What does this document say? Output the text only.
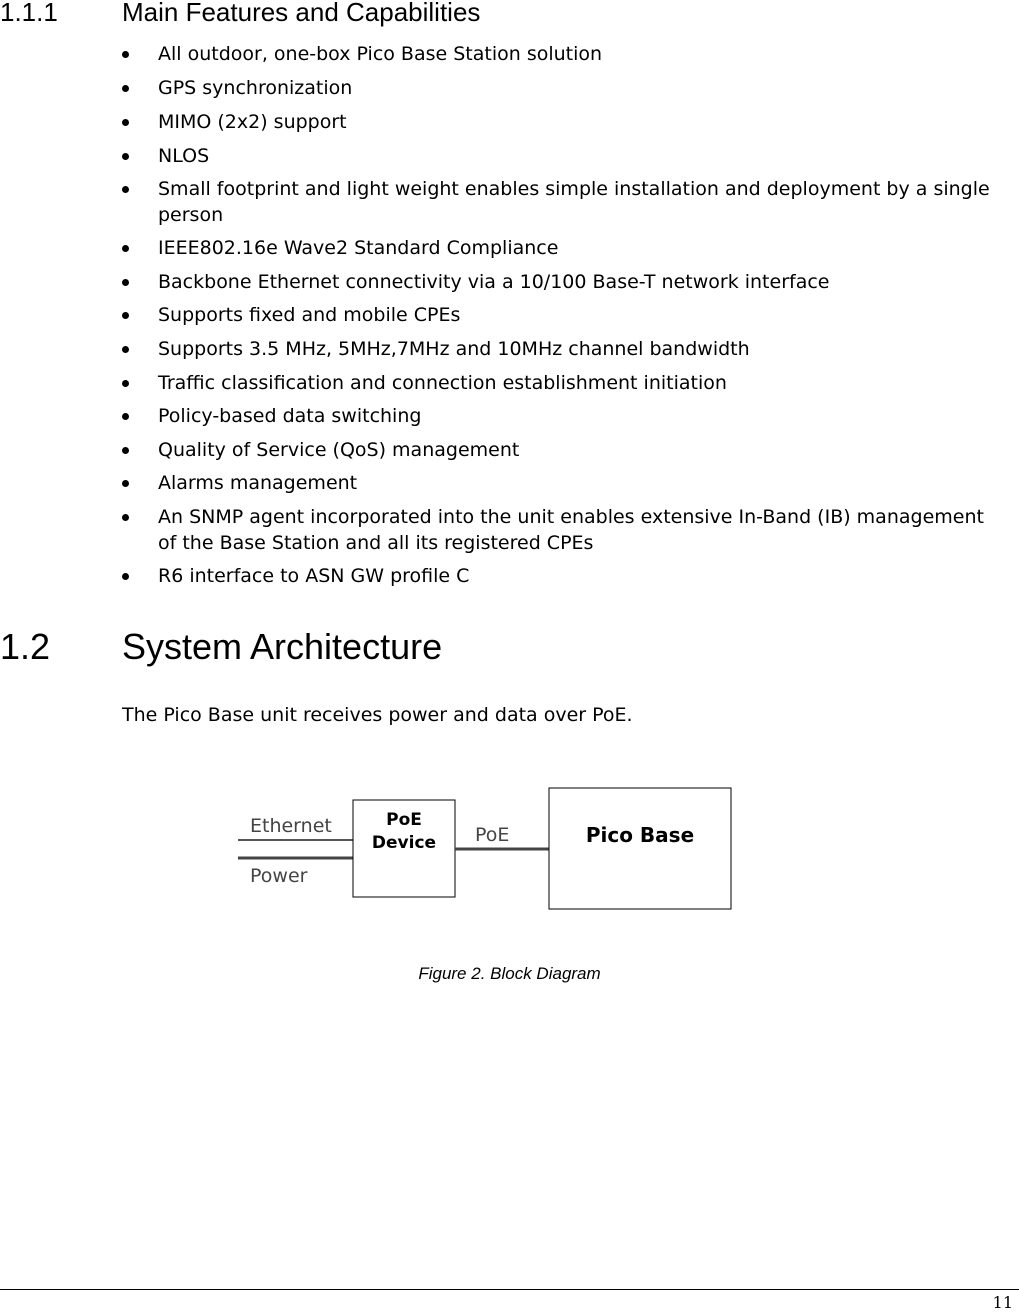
1.1.1 Main Features and Capabilities
All outdoor, one-box Pico Base Station solution
GPS synchronization
MIMO (2x2) support
NLOS
Small footprint and light weight enables simple installation and deployment by a single person
IEEE802.16e Wave2 Standard Compliance
Backbone Ethernet connectivity via a 10/100 Base-T network interface
Supports fixed and mobile CPEs
Supports 3.5 MHz, 5MHz,7MHz and 10MHz channel bandwidth
Traffic classification and connection establishment initiation
Policy-based data switching
Quality of Service (QoS) management
Alarms management
An SNMP agent incorporated into the unit enables extensive In-Band (IB) management of the Base Station and all its registered CPEs
R6 interface to ASN GW profile C
1.2 System Architecture
The Pico Base unit receives power and data over PoE.
Ethernet
Power
PoE
Device PoE	Pico Base
Figure 2. Block Diagram
11
